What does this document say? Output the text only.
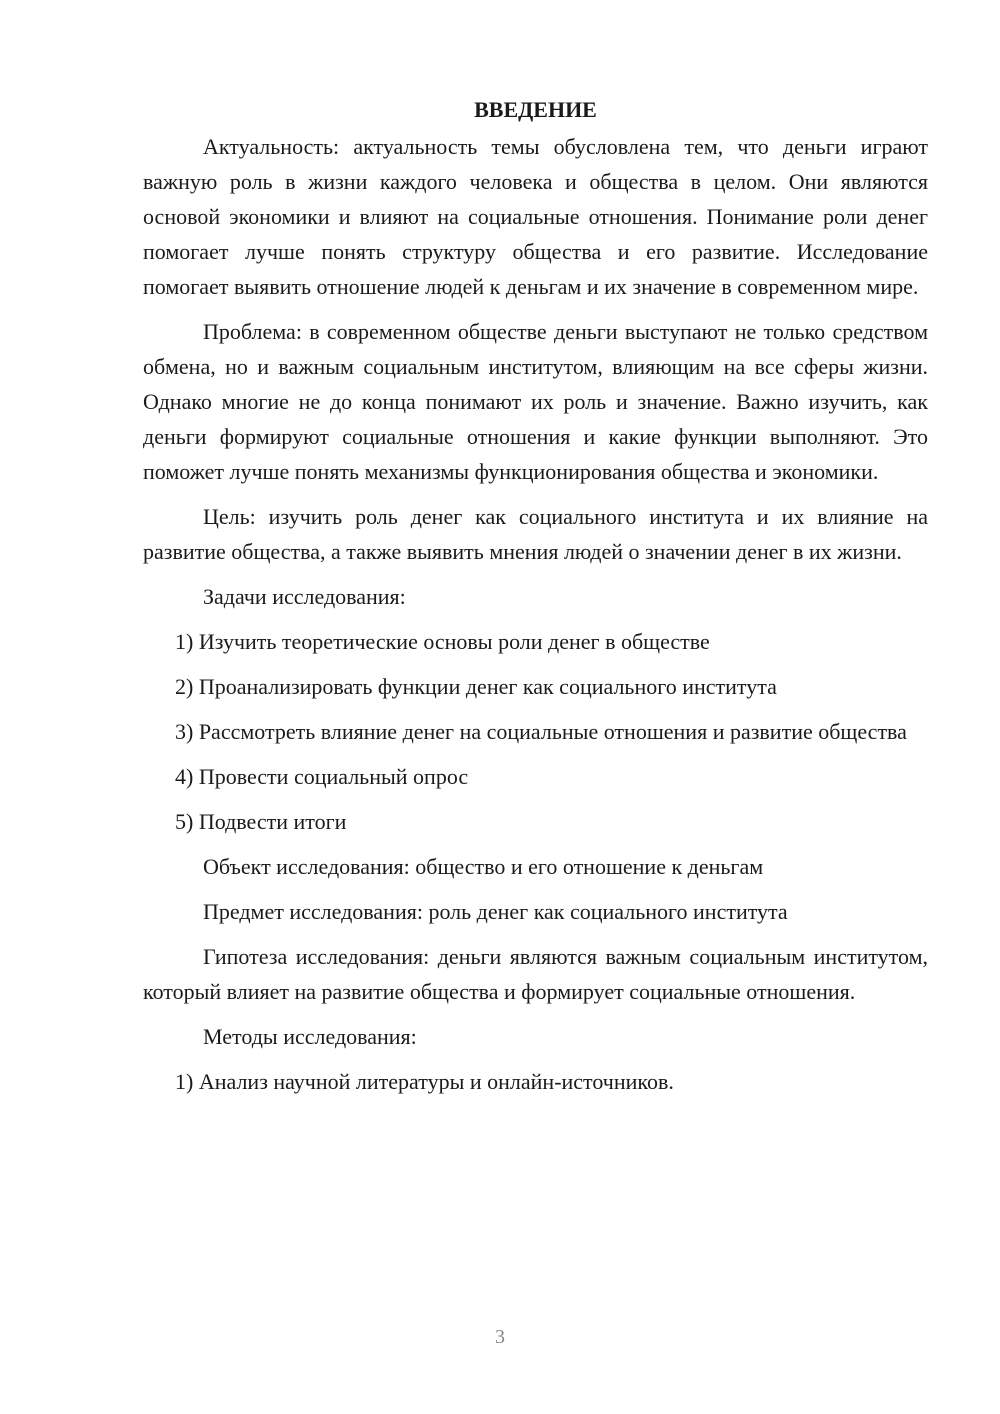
ВВЕДЕНИЕ

Актуальность: актуальность темы обусловлена тем, что деньги играют важную роль в жизни каждого человека и общества в целом. Они являются основой экономики и влияют на социальные отношения. Понимание роли денег помогает лучше понять структуру общества и его развитие. Исследование помогает выявить отношение людей к деньгам и их значение в современном мире.

Проблема: в современном обществе деньги выступают не только средством обмена, но и важным социальным институтом, влияющим на все сферы жизни. Однако многие не до конца понимают их роль и значение. Важно изучить, как деньги формируют социальные отношения и какие функции выполняют. Это поможет лучше понять механизмы функционирования общества и экономики.

Цель: изучить роль денег как социального института и их влияние на развитие общества, а также выявить мнения людей о значении денег в их жизни.

Задачи исследования:

1) Изучить теоретические основы роли денег в обществе

2) Проанализировать функции денег как социального института

3) Рассмотреть влияние денег на социальные отношения и развитие общества

4) Провести социальный опрос

5) Подвести итоги

Объект исследования: общество и его отношение к деньгам

Предмет исследования: роль денег как социального института

Гипотеза исследования: деньги являются важным социальным институтом, который влияет на развитие общества и формирует социальные отношения.

Методы исследования:

1) Анализ научной литературы и онлайн-источников.

3
